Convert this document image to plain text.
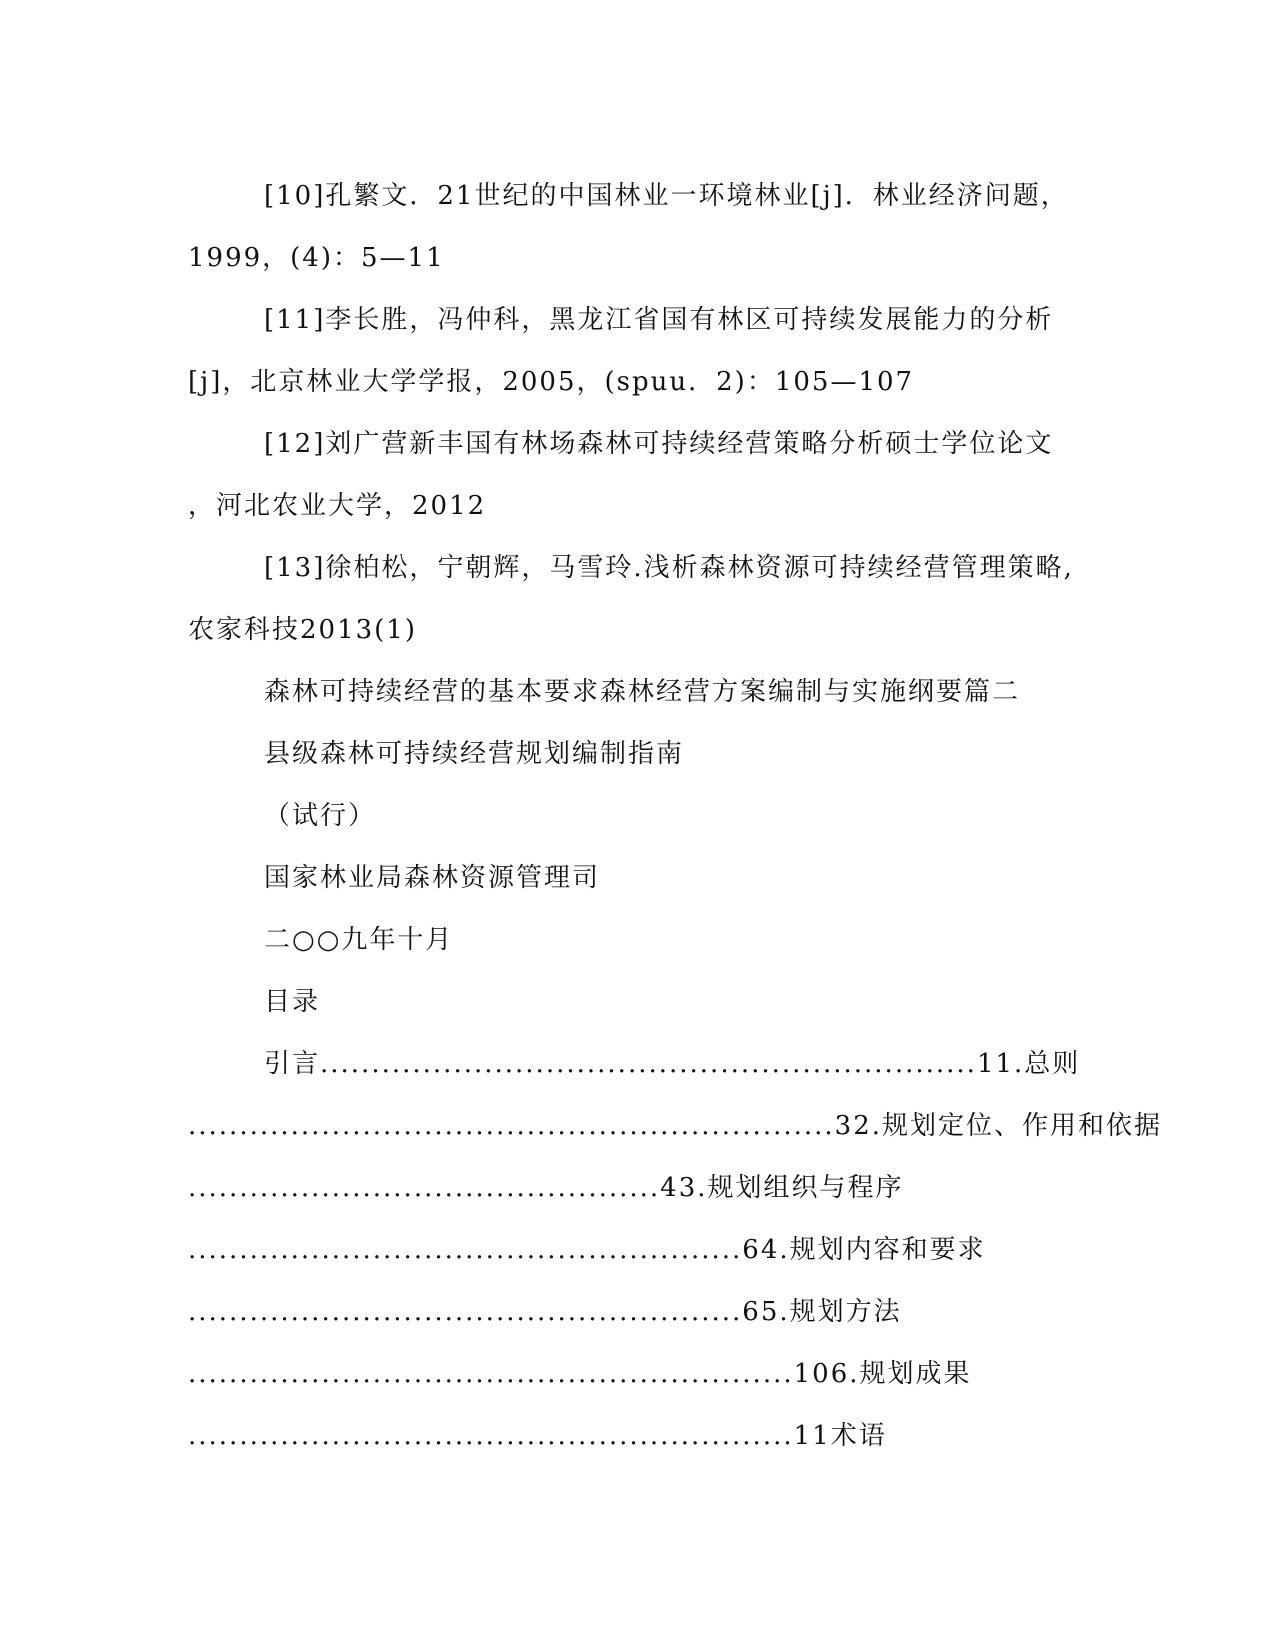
[10]孔繁文．21世纪的中国林业一环境林业[j]．林业经济问题，
1999，(4)：5—11
[11]李长胜，冯仲科，黑龙江省国有林区可持续发展能力的分析
[j]，北京林业大学学报，2005，(spuu．2)：105—107
[12]刘广营新丰国有林场森林可持续经营策略分析硕士学位论文
，河北农业大学，2012
[13]徐柏松，宁朝辉，马雪玲.浅析森林资源可持续经营管理策略,
农家科技2013(1)
森林可持续经营的基本要求森林经营方案编制与实施纲要篇二
县级森林可持续经营规划编制指南
（试行）
国家林业局森林资源管理司
二○○九年十月
目录
引言................................................................11.总则
...............................................................32.规划定位、作用和依据
..............................................43.规划组织与程序
......................................................64.规划内容和要求
......................................................65.规划方法
...........................................................106.规划成果
...........................................................11术语
